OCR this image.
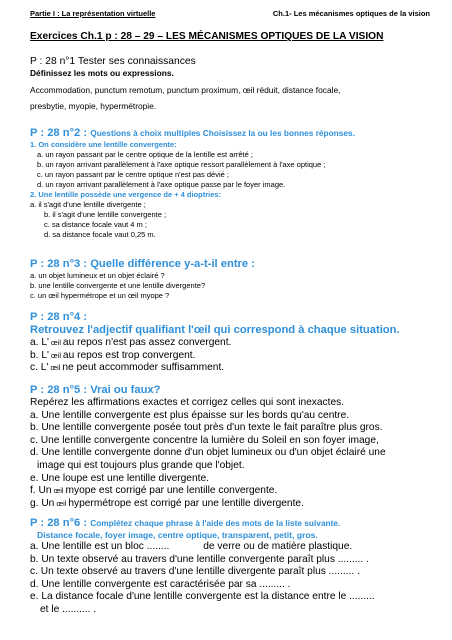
Partie I : La représentation virtuelle	Ch.1- Les mécanismes optiques de la vision
Exercices Ch.1 p : 28 – 29 – LES MÉCANISMES OPTIQUES DE LA VISION

P : 28 n°1 Tester ses connaissances

Définissez les mots ou expressions.

Accommodation, punctum remotum, punctum proximum, œil réduit, distance focale,

presbytie, myopie, hypermétropie.

P : 28 n°2 : Questions à choix multiples Choisissez la ou les bonnes réponses.

1. On considère une lentille convergente:

a. un rayon passant par le centre optique de la lentille est arrêté ;

b. un rayon arrivant parallèlement à l'axe optique ressort parallèlement à l'axe optique ;

c. un rayon passant par le centre optique n'est pas dévié ;

d. un rayon arrivant parallèlement à l'axe optique passe par le foyer image.

2. Une lentille possède une vergence de + 4 dioptries:

a. il s'agit d'une lentille divergente ;

b. il s'agit d'une lentille convergente ;

c. sa distance focale vaut 4 m ;

d. sa distance focale vaut 0,25 m.

P : 28 n°3 : Quelle différence y-a-t-il entre :

a. un objet lumineux et un objet éclairé ?

b. une lentille convergente et une lentille divergente?

c. un œil hypermétrope et un œil myope ?

P : 28 n°4 :

Retrouvez l'adjectif qualifiant l'œil qui correspond à chaque situation.

a. L' œil au repos n'est pas assez convergent.

b. L' œil au repos est trop convergent.

c. L' œil ne peut accommoder suffisamment.

P : 28 n°5 : Vrai ou faux?

Repérez les affirmations exactes et corrigez celles qui sont inexactes.

a. Une lentille convergente est plus épaisse sur les bords qu'au centre.

b. Une lentille convergente posée tout près d'un texte le fait paraître plus gros.

c. Une lentille convergente concentre la lumière du Soleil en son foyer image,

d. Une lentille convergente donne d'un objet lumineux ou d'un objet éclairé une

image qui est toujours plus grande que l'objet.

e. Une loupe est une lentille divergente.

f. Un œil myope est corrigé par une lentille convergente.

g. Un œil hypermétrope est corrigé par une lentille divergente.

P : 28 n°6 : Complétez chaque phrase à l'aide des mots de la liste suivante.

Distance focale, foyer image, centre optique, transparent, petit, gros.

a. Une lentille est un bloc ........            de verre ou de matière plastique.

b. Un texte observé au travers d'une lentille convergente paraît plus ......... .

c. Un texte observé au travers d'une lentille divergente paraît plus ......... .

d. Une lentille convergente est caractérisée par sa ......... .

e. La distance focale d'une lentille convergente est la distance entre le .........

et le .......... .
